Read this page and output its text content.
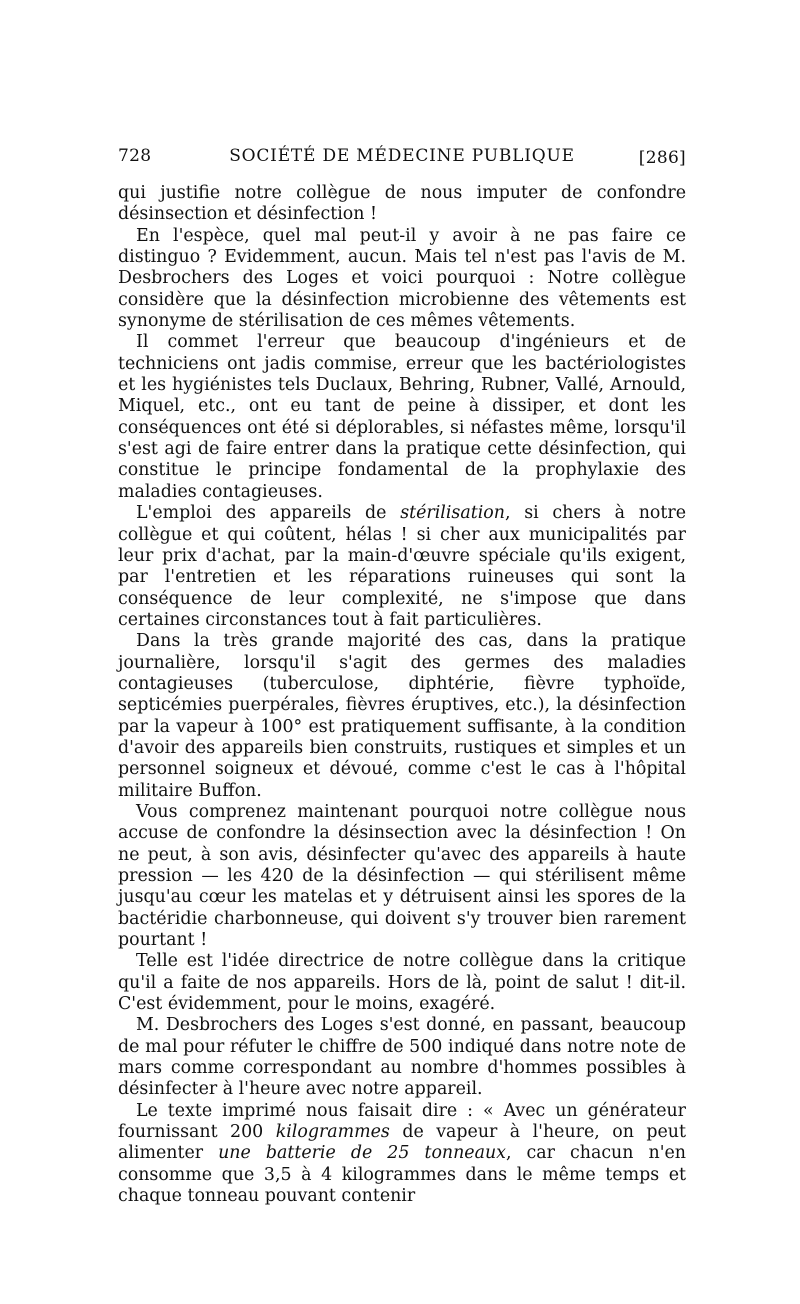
728	SOCIÉTÉ DE MÉDECINE PUBLIQUE	[286]

qui justifie notre collègue de nous imputer de confondre désinsection et désinfection !

En l'espèce, quel mal peut-il y avoir à ne pas faire ce distinguo ? Evidemment, aucun. Mais tel n'est pas l'avis de M. Desbrochers des Loges et voici pourquoi : Notre collègue considère que la désinfection microbienne des vêtements est synonyme de stérilisation de ces mêmes vêtements.

Il commet l'erreur que beaucoup d'ingénieurs et de techniciens ont jadis commise, erreur que les bactériologistes et les hygiénistes tels Duclaux, Behring, Rubner, Vallé, Arnould, Miquel, etc., ont eu tant de peine à dissiper, et dont les conséquences ont été si déplorables, si néfastes même, lorsqu'il s'est agi de faire entrer dans la pratique cette désinfection, qui constitue le principe fondamental de la prophylaxie des maladies contagieuses.

L'emploi des appareils de stérilisation, si chers à notre collègue et qui coûtent, hélas ! si cher aux municipalités par leur prix d'achat, par la main-d'œuvre spéciale qu'ils exigent, par l'entretien et les réparations ruineuses qui sont la conséquence de leur complexité, ne s'impose que dans certaines circonstances tout à fait particulières.

Dans la très grande majorité des cas, dans la pratique journalière, lorsqu'il s'agit des germes des maladies contagieuses (tuberculose, diphtérie, fièvre typhoïde, septicémies puerpérales, fièvres éruptives, etc.), la désinfection par la vapeur à 100° est pratiquement suffisante, à la condition d'avoir des appareils bien construits, rustiques et simples et un personnel soigneux et dévoué, comme c'est le cas à l'hôpital militaire Buffon.

Vous comprenez maintenant pourquoi notre collègue nous accuse de confondre la désinsection avec la désinfection ! On ne peut, à son avis, désinfecter qu'avec des appareils à haute pression — les 420 de la désinfection — qui stérilisent même jusqu'au cœur les matelas et y détruisent ainsi les spores de la bactéridie charbonneuse, qui doivent s'y trouver bien rarement pourtant !

Telle est l'idée directrice de notre collègue dans la critique qu'il a faite de nos appareils. Hors de là, point de salut ! dit-il. C'est évidemment, pour le moins, exagéré.

M. Desbrochers des Loges s'est donné, en passant, beaucoup de mal pour réfuter le chiffre de 500 indiqué dans notre note de mars comme correspondant au nombre d'hommes possibles à désinfecter à l'heure avec notre appareil.

Le texte imprimé nous faisait dire : « Avec un générateur fournissant 200 kilogrammes de vapeur à l'heure, on peut alimenter une batterie de 25 tonneaux, car chacun n'en consomme que 3,5 à 4 kilogrammes dans le même temps et chaque tonneau pouvant contenir
